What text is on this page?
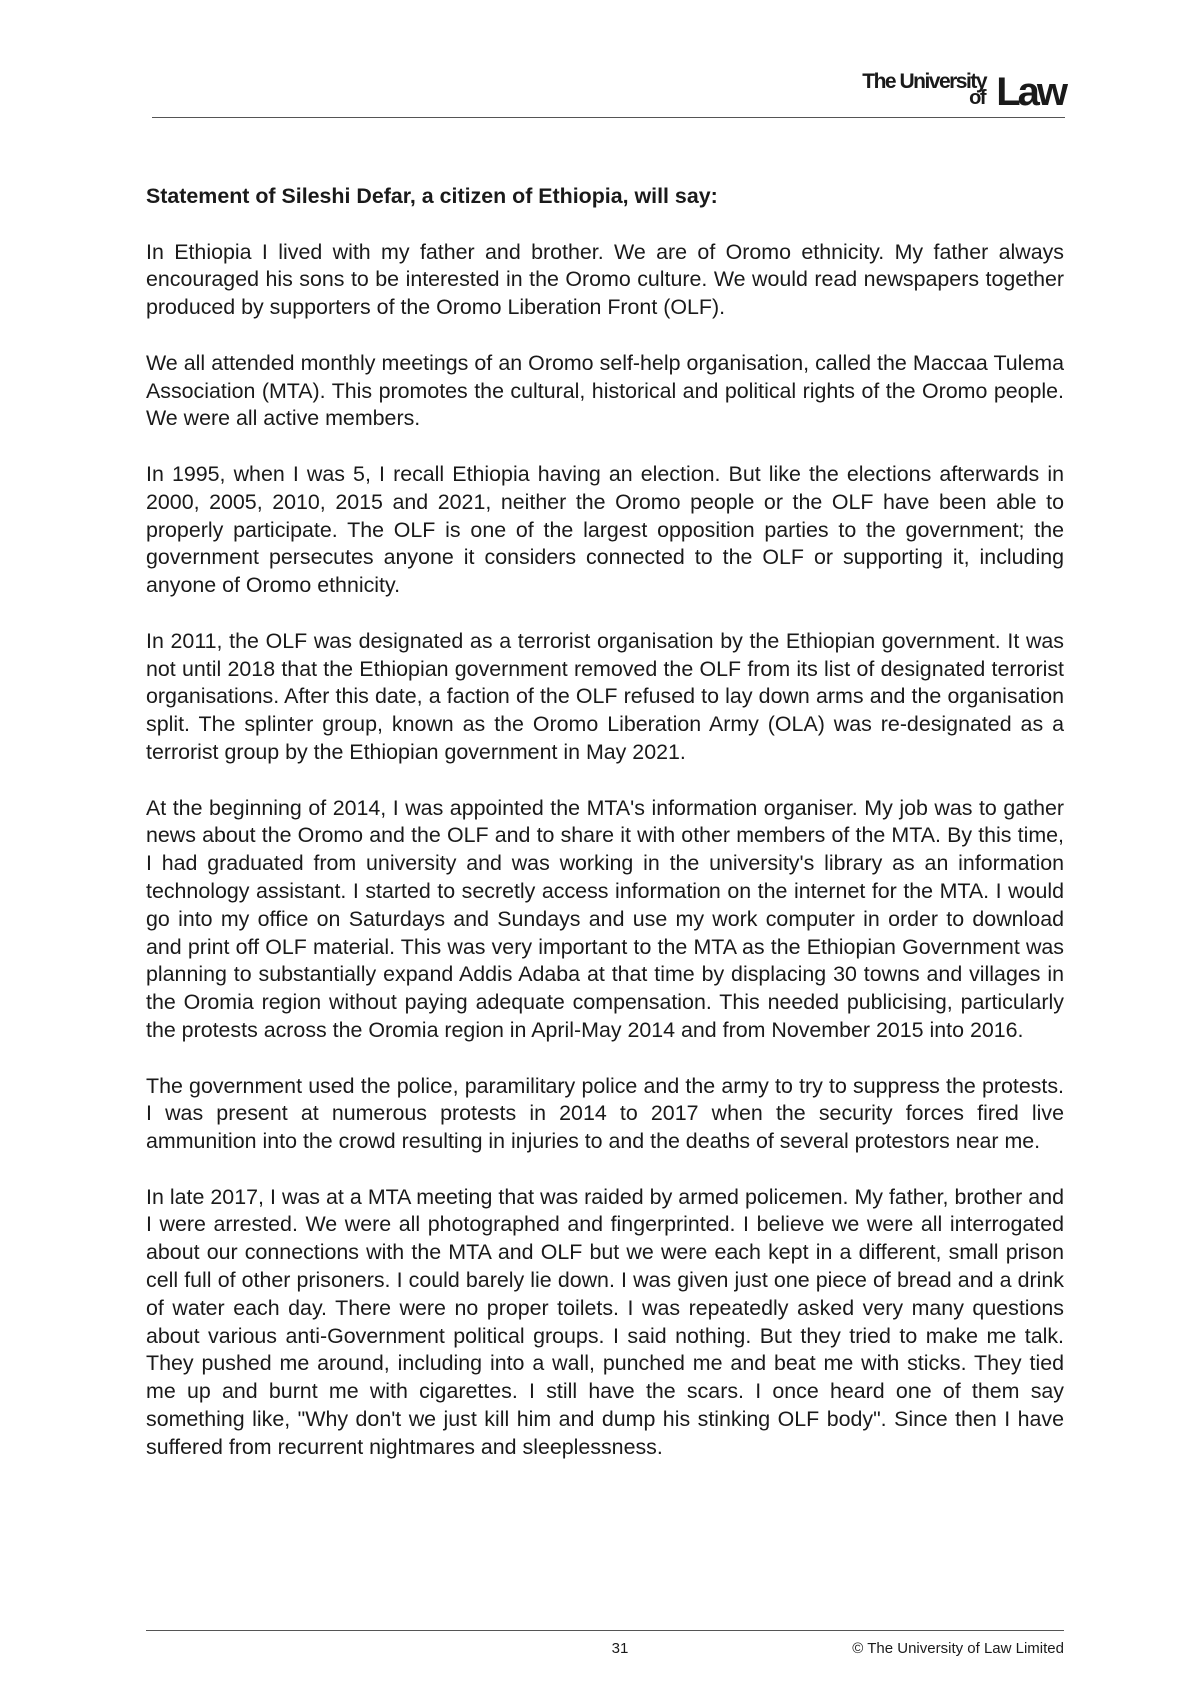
The University
of Law

Statement of Sileshi Defar, a citizen of Ethiopia, will say:

In Ethiopia I lived with my father and brother. We are of Oromo ethnicity. My father always encouraged his sons to be interested in the Oromo culture. We would read newspapers together produced by supporters of the Oromo Liberation Front (OLF).

We all attended monthly meetings of an Oromo self-help organisation, called the Maccaa Tulema Association (MTA). This promotes the cultural, historical and political rights of the Oromo people. We were all active members.

In 1995, when I was 5, I recall Ethiopia having an election. But like the elections afterwards in 2000, 2005, 2010, 2015 and 2021, neither the Oromo people or the OLF have been able to properly participate. The OLF is one of the largest opposition parties to the government; the government persecutes anyone it considers connected to the OLF or supporting it, including anyone of Oromo ethnicity.

In 2011, the OLF was designated as a terrorist organisation by the Ethiopian government. It was not until 2018 that the Ethiopian government removed the OLF from its list of designated terrorist organisations. After this date, a faction of the OLF refused to lay down arms and the organisation split. The splinter group, known as the Oromo Liberation Army (OLA) was re-designated as a terrorist group by the Ethiopian government in May 2021.

At the beginning of 2014, I was appointed the MTA's information organiser. My job was to gather news about the Oromo and the OLF and to share it with other members of the MTA. By this time, I had graduated from university and was working in the university's library as an information technology assistant. I started to secretly access information on the internet for the MTA. I would go into my office on Saturdays and Sundays and use my work computer in order to download and print off OLF material. This was very important to the MTA as the Ethiopian Government was planning to substantially expand Addis Adaba at that time by displacing 30 towns and villages in the Oromia region without paying adequate compensation. This needed publicising, particularly the protests across the Oromia region in April-May 2014 and from November 2015 into 2016.

The government used the police, paramilitary police and the army to try to suppress the protests. I was present at numerous protests in 2014 to 2017 when the security forces fired live ammunition into the crowd resulting in injuries to and the deaths of several protestors near me.

In late 2017, I was at a MTA meeting that was raided by armed policemen. My father, brother and I were arrested. We were all photographed and fingerprinted. I believe we were all interrogated about our connections with the MTA and OLF but we were each kept in a different, small prison cell full of other prisoners. I could barely lie down. I was given just one piece of bread and a drink of water each day. There were no proper toilets. I was repeatedly asked very many questions about various anti-Government political groups. I said nothing. But they tried to make me talk. They pushed me around, including into a wall, punched me and beat me with sticks. They tied me up and burnt me with cigarettes. I still have the scars. I once heard one of them say something like, "Why don't we just kill him and dump his stinking OLF body". Since then I have suffered from recurrent nightmares and sleeplessness.

31	© The University of Law Limited
